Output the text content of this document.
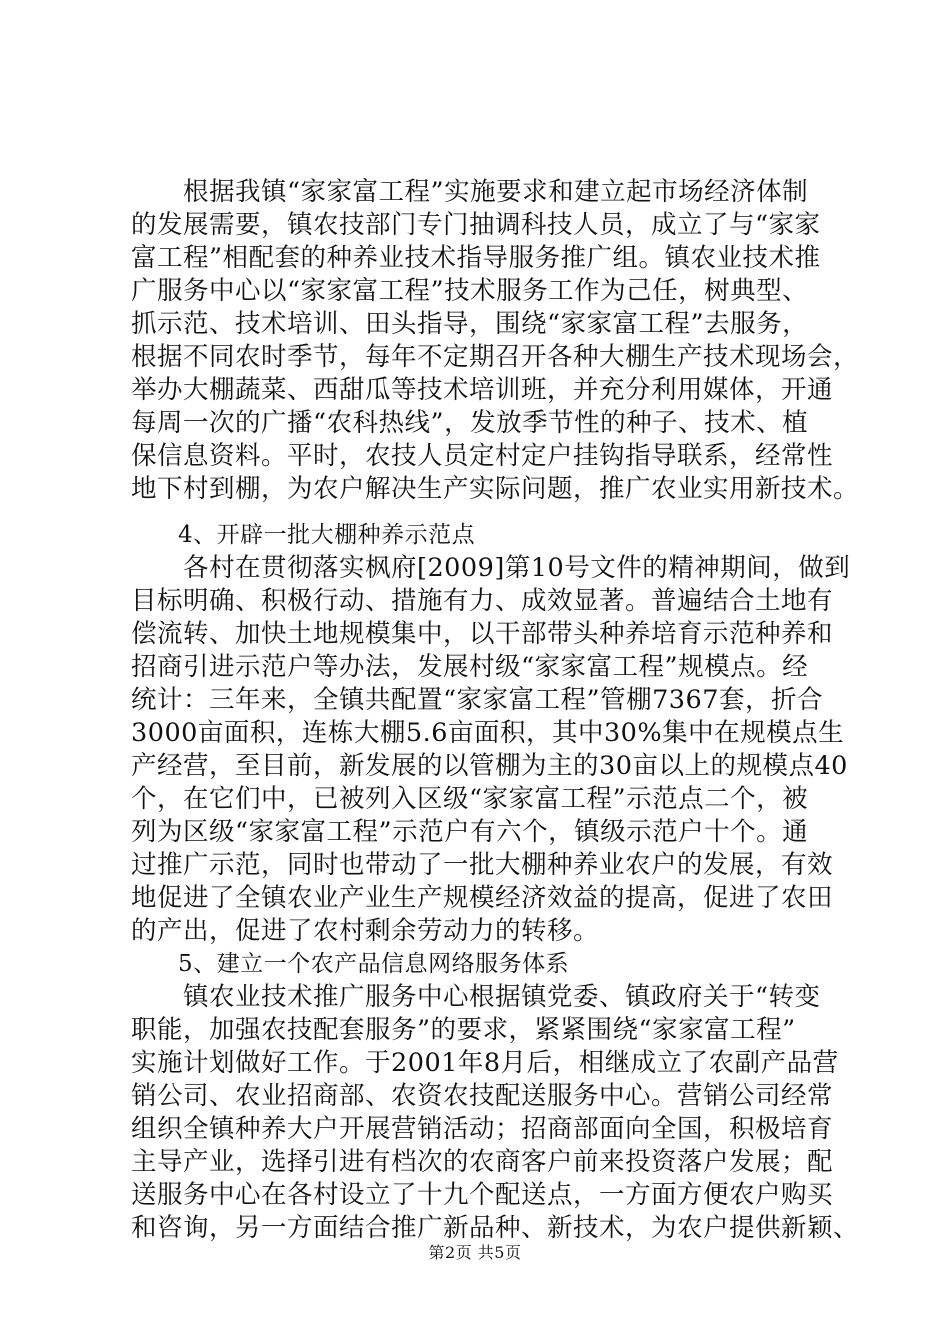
　　根据我镇“家家富工程”实施要求和建立起市场经济体制
的发展需要，镇农技部门专门抽调科技人员，成立了与“家家
富工程”相配套的种养业技术指导服务推广组。镇农业技术推
广服务中心以“家家富工程”技术服务工作为己任，树典型、
抓示范、技术培训、田头指导，围绕“家家富工程”去服务，
根据不同农时季节，每年不定期召开各种大棚生产技术现场会，
举办大棚蔬菜、西甜瓜等技术培训班，并充分利用媒体，开通
每周一次的广播“农科热线”，发放季节性的种子、技术、植
保信息资料。平时，农技人员定村定户挂钩指导联系，经常性
地下村到棚，为农户解决生产实际问题，推广农业实用新技术。
　　4、开辟一批大棚种养示范点
　　各村在贯彻落实枫府[2009]第10号文件的精神期间，做到
目标明确、积极行动、措施有力、成效显著。普遍结合土地有
偿流转、加快土地规模集中，以干部带头种养培育示范种养和
招商引进示范户等办法，发展村级“家家富工程”规模点。经
统计：三年来，全镇共配置“家家富工程”管棚7367套，折合
3000亩面积，连栋大棚5.6亩面积，其中30%集中在规模点生
产经营，至目前，新发展的以管棚为主的30亩以上的规模点40
个，在它们中，已被列入区级“家家富工程”示范点二个，被
列为区级“家家富工程”示范户有六个，镇级示范户十个。通
过推广示范，同时也带动了一批大棚种养业农户的发展，有效
地促进了全镇农业产业生产规模经济效益的提高，促进了农田
的产出，促进了农村剩余劳动力的转移。
　　5、建立一个农产品信息网络服务体系
　　镇农业技术推广服务中心根据镇党委、镇政府关于“转变
职能，加强农技配套服务”的要求，紧紧围绕“家家富工程”
实施计划做好工作。于2001年8月后，相继成立了农副产品营
销公司、农业招商部、农资农技配送服务中心。营销公司经常
组织全镇种养大户开展营销活动；招商部面向全国，积极培育
主导产业，选择引进有档次的农商客户前来投资落户发展；配
送服务中心在各村设立了十九个配送点，一方面方便农户购买
和咨询，另一方面结合推广新品种、新技术，为农户提供新颖、
第2页 共5页
